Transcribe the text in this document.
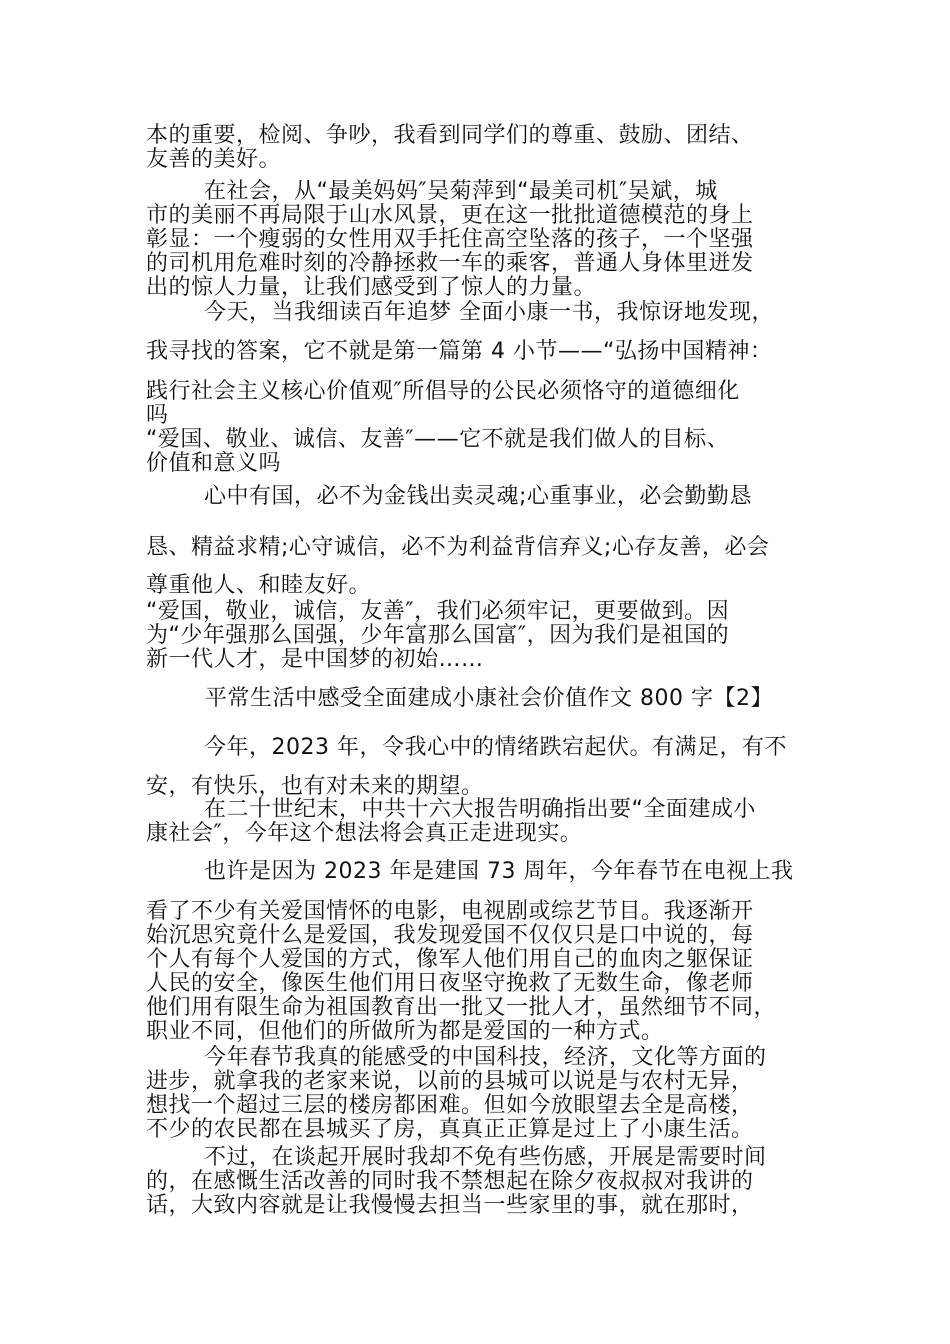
本的重要，检阅、争吵，我看到同学们的尊重、鼓励、团结、
友善的美好。
在社会，从“最美妈妈″吴菊萍到“最美司机″吴斌，城
市的美丽不再局限于山水风景，更在这一批批道德模范的身上
彰显：一个瘦弱的女性用双手托住高空坠落的孩子，一个坚强
的司机用危难时刻的冷静拯救一车的乘客，普通人身体里迸发
出的惊人力量，让我们感受到了惊人的力量。
今天，当我细读百年追梦 全面小康一书，我惊讶地发现，
我寻找的答案，它不就是第一篇第 4 小节——“弘扬中国精神：
践行社会主义核心价值观″所倡导的公民必须恪守的道德细化
吗
“爱国、敬业、诚信、友善″——它不就是我们做人的目标、
价值和意义吗
心中有国，必不为金钱出卖灵魂;心重事业，必会勤勤恳
恳、精益求精;心守诚信，必不为利益背信弃义;心存友善，必会
尊重他人、和睦友好。
“爱国，敬业，诚信，友善″，我们必须牢记，更要做到。因
为“少年强那么国强，少年富那么国富″，因为我们是祖国的
新一代人才，是中国梦的初始……
平常生活中感受全面建成小康社会价值作文 800 字【2】
今年，2023 年，令我心中的情绪跌宕起伏。有满足，有不
安，有快乐，也有对未来的期望。
在二十世纪末，中共十六大报告明确指出要“全面建成小
康社会″，今年这个想法将会真正走进现实。
也许是因为 2023 年是建国 73 周年，今年春节在电视上我
看了不少有关爱国情怀的电影，电视剧或综艺节目。我逐渐开
始沉思究竟什么是爱国，我发现爱国不仅仅只是口中说的，每
个人有每个人爱国的方式，像军人他们用自己的血肉之躯保证
人民的安全，像医生他们用日夜坚守挽救了无数生命，像老师
他们用有限生命为祖国教育出一批又一批人才，虽然细节不同，
职业不同，但他们的所做所为都是爱国的一种方式。
今年春节我真的能感受的中国科技，经济，文化等方面的
进步，就拿我的老家来说，以前的县城可以说是与农村无异，
想找一个超过三层的楼房都困难。但如今放眼望去全是高楼，
不少的农民都在县城买了房，真真正正算是过上了小康生活。
不过，在谈起开展时我却不免有些伤感，开展是需要时间
的，在感慨生活改善的同时我不禁想起在除夕夜叔叔对我讲的
话，大致内容就是让我慢慢去担当一些家里的事，就在那时，
